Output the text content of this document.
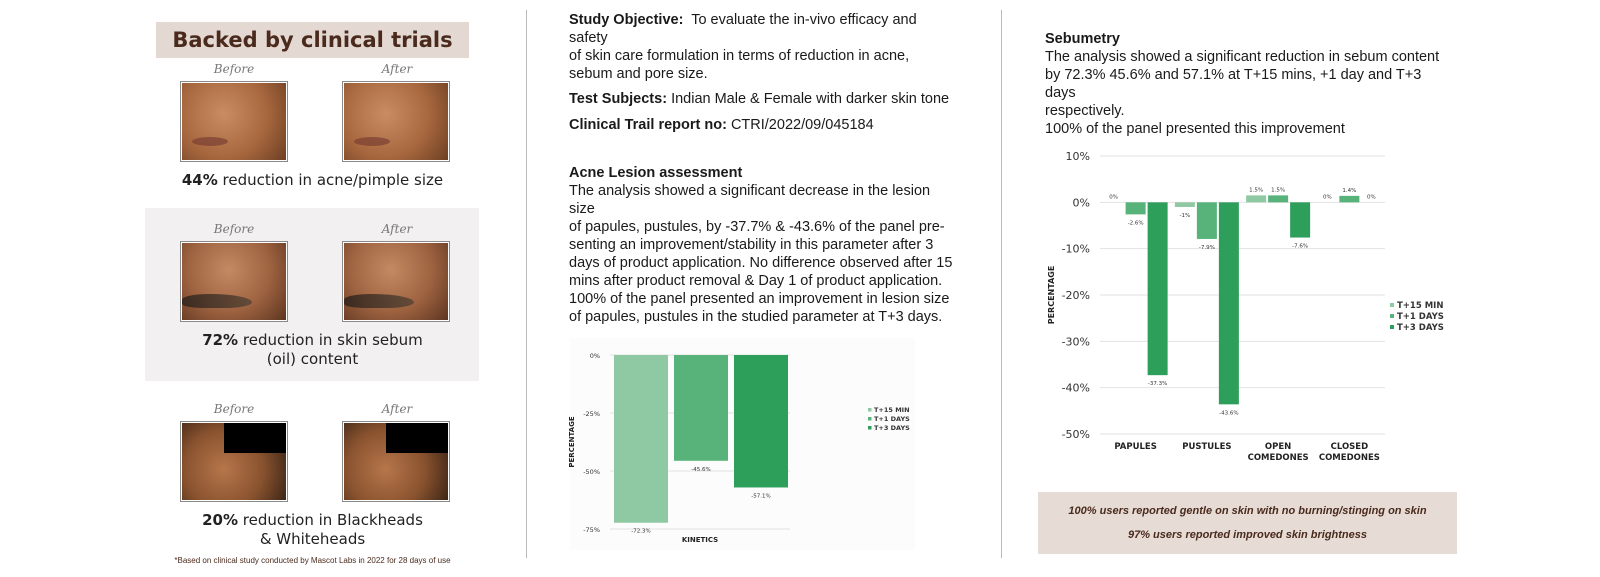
Backed by clinical trials
Before	After
44% reduction in acne/pimple size
Before	After
72% reduction in skin sebum
(oil) content
Before	After
20% reduction in Blackheads
& Whiteheads
*Based on clinical study conducted by Mascot Labs in 2022 for 28 days of use
Study Objective: To evaluate the in-vivo efficacy and safety
of skin care formulation in terms of reduction in acne,
sebum and pore size.
Test Subjects: Indian Male & Female with darker skin tone
Clinical Trail report no: CTRI/2022/09/045184
Acne Lesion assessment
The analysis showed a significant decrease in the lesion size
of papules, pustules, by -37.7% & -43.6% of the panel pre-
senting an improvement/stability in this parameter after 3
days of product application. No difference observed after 15
mins after product removal & Day 1 of product application.
100% of the panel presented an improvement in lesion size
of papules, pustules in the studied parameter at T+3 days.
0%
-25%
-50%
-75%
PERCENTAGE
-72.3%
-45.6%
-57.1%
KINETICS
T+15 MIN
T+1 DAYS
T+3 DAYS
Sebumetry
The analysis showed a significant reduction in sebum content
by 72.3% 45.6% and 57.1% at T+15 mins, +1 day and T+3 days
respectively.
100% of the panel presented this improvement
10%
0%
-10%
-20%
-30%
-40%
-50%
PERCENTAGE
0%
-2.6%
-37.3%
PAPULES
-1%
-7.9%
-43.6%
PUSTULES
1.5% 1.5%
-7.6%
OPEN
COMEDONES
0%
1.4%
0%
CLOSED
COMEDONES
T+15 MIN
T+1 DAYS
T+3 DAYS
100% users reported gentle on skin with no burning/stinging on skin
97% users reported improved skin brightness
